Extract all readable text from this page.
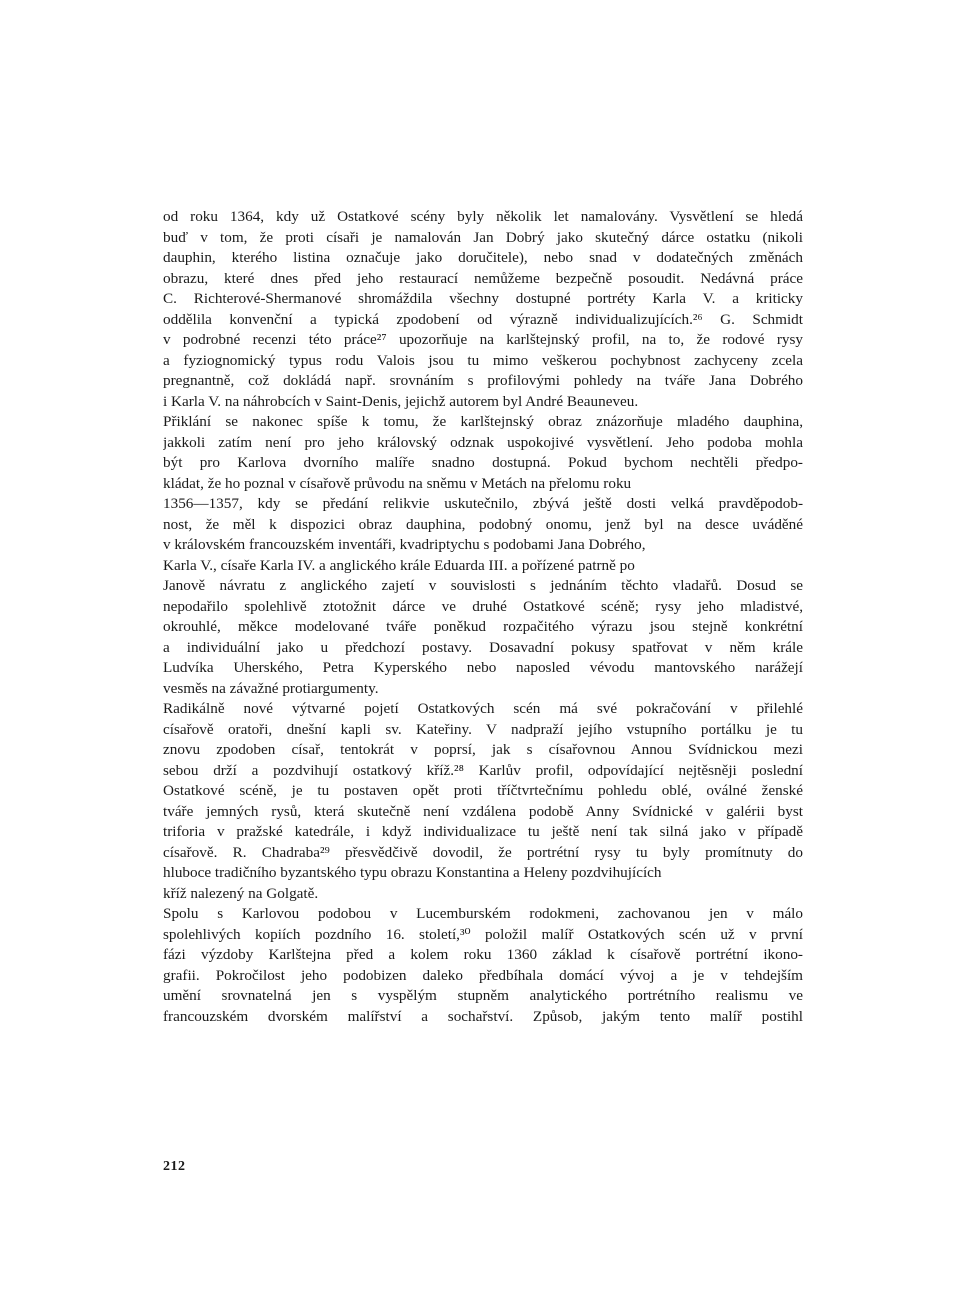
od roku 1364, kdy už Ostatkové scény byly několik let namalovány. Vysvětlení se hledá
buď v tom, že proti císaři je namalován Jan Dobrý jako skutečný dárce ostatku (nikoli
dauphin, kterého listina označuje jako doručitele), nebo snad v dodatečných změnách
obrazu, které dnes před jeho restaurací nemůžeme bezpečně posoudit. Nedávná práce
C. Richterové-Shermanové shromáždila všechny dostupné portréty Karla V. a kriticky
oddělila konvenční a typická zpodobení od výrazně individualizujících.²⁶ G. Schmidt
v podrobné recenzi této práce²⁷ upozorňuje na karlštejnský profil, na to, že rodové rysy
a fyziognomický typus rodu Valois jsou tu mimo veškerou pochybnost zachyceny zcela
pregnantně, což dokládá např. srovnáním s profilovými pohledy na tváře Jana Dobrého
i Karla V. na náhrobcích v Saint-Denis, jejichž autorem byl André Beauneveu.
Přiklání se nakonec spíše k tomu, že karlštejnský obraz znázorňuje mladého dauphina,
jakkoli zatím není pro jeho královský odznak uspokojivé vysvětlení. Jeho podoba mohla
být pro Karlova dvorního malíře snadno dostupná. Pokud bychom nechtěli předpo-
kládat, že ho poznal v císařově průvodu na sněmu v Metách na přelomu roku
1356—1357, kdy se předání relikvie uskutečnilo, zbývá ještě dosti velká pravděpodob-
nost, že měl k dispozici obraz dauphina, podobný onomu, jenž byl na desce uváděné
v královském francouzském inventáři, kvadriptychu s podobami Jana Dobrého,
Karla V., císaře Karla IV. a anglického krále Eduarda III. a pořízené patrně po
Janově návratu z anglického zajetí v souvislosti s jednáním těchto vladařů. Dosud se
nepodařilo spolehlivě ztotožnit dárce ve druhé Ostatkové scéně; rysy jeho mladistvé,
okrouhlé, měkce modelované tváře poněkud rozpačitého výrazu jsou stejně konkrétní
a individuální jako u předchozí postavy. Dosavadní pokusy spatřovat v něm krále
Ludvíka Uherského, Petra Kyperského nebo naposled vévodu mantovského narážejí
vesměs na závažné protiargumenty.
Radikálně nové výtvarné pojetí Ostatkových scén má své pokračování v přilehlé
císařově oratoři, dnešní kapli sv. Kateřiny. V nadpraží jejího vstupního portálku je tu
znovu zpodoben císař, tentokrát v poprsí, jak s císařovnou Annou Svídnickou mezi
sebou drží a pozdvihují ostatkový kříž.²⁸ Karlův profil, odpovídající nejtěsněji poslední
Ostatkové scéně, je tu postaven opět proti tříčtvrtečnímu pohledu oblé, oválné ženské
tváře jemných rysů, která skutečně není vzdálena podobě Anny Svídnické v galérii byst
triforia v pražské katedrále, i když individualizace tu ještě není tak silná jako v případě
císařově. R. Chadraba²⁹ přesvědčivě dovodil, že portrétní rysy tu byly promítnuty do
hluboce tradičního byzantského typu obrazu Konstantina a Heleny pozdvihujících
kříž nalezený na Golgatě.
Spolu s Karlovou podobou v Lucemburském rodokmeni, zachovanou jen v málo
spolehlivých kopiích pozdního 16. století,³⁰ položil malíř Ostatkových scén už v první
fázi výzdoby Karlštejna před a kolem roku 1360 základ k císařově portrétní ikono-
grafii. Pokročilost jeho podobizen daleko předbíhala domácí vývoj a je v tehdejším
umění srovnatelná jen s vyspělým stupněm analytického portrétního realismu ve
francouzském dvorském malířství a sochařství. Způsob, jakým tento malíř postihl
212
